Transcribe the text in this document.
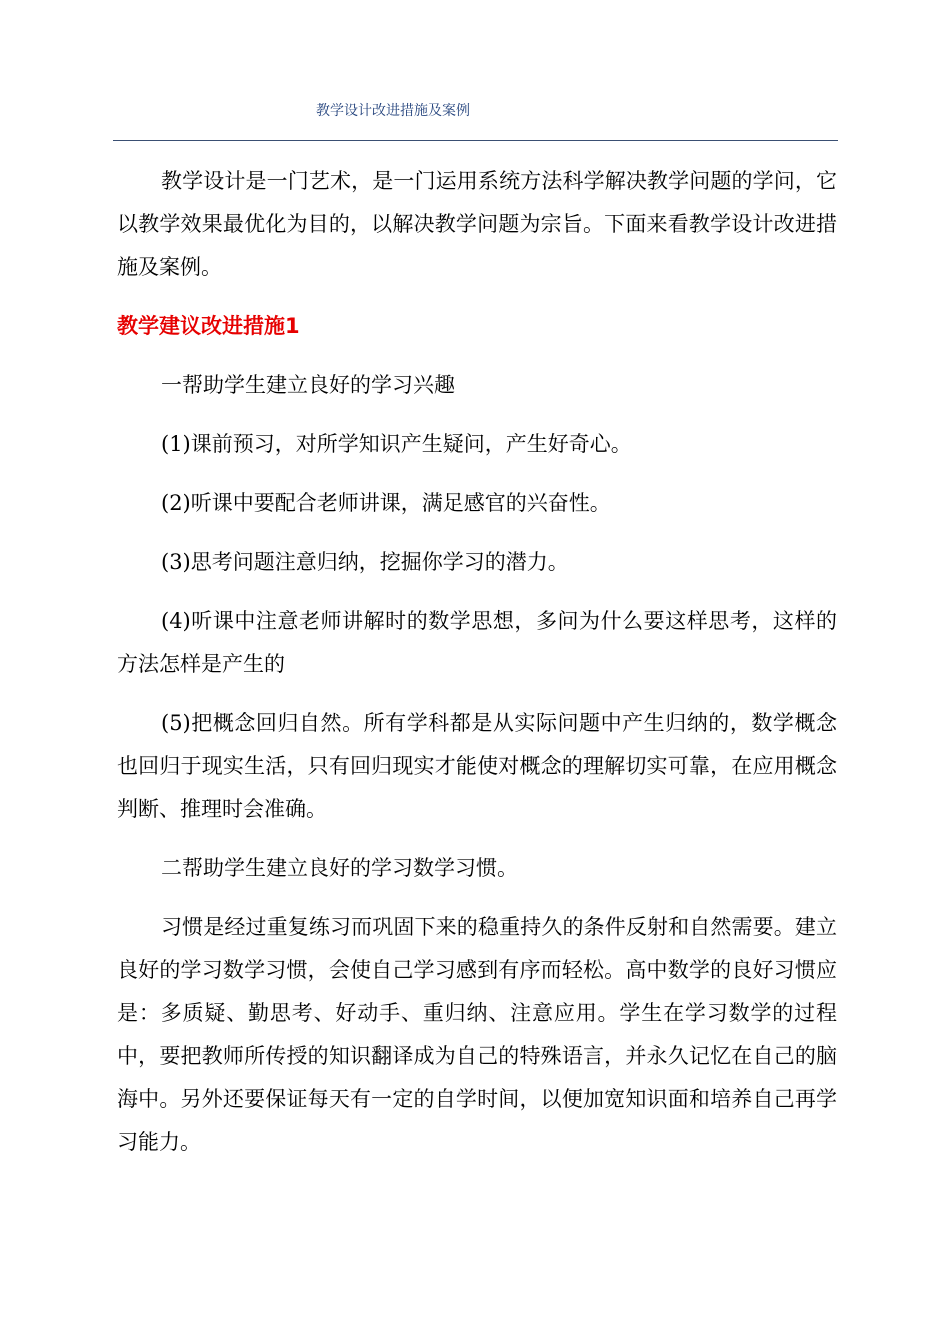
教学设计改进措施及案例

教学设计是一门艺术，是一门运用系统方法科学解决教学问题的学问，它以教学效果最优化为目的，以解决教学问题为宗旨。下面来看教学设计改进措施及案例。

教学建议改进措施1

一帮助学生建立良好的学习兴趣

(1)课前预习，对所学知识产生疑问，产生好奇心。

(2)听课中要配合老师讲课，满足感官的兴奋性。

(3)思考问题注意归纳，挖掘你学习的潜力。

(4)听课中注意老师讲解时的数学思想，多问为什么要这样思考，这样的方法怎样是产生的

(5)把概念回归自然。所有学科都是从实际问题中产生归纳的，数学概念也回归于现实生活，只有回归现实才能使对概念的理解切实可靠，在应用概念判断、推理时会准确。

二帮助学生建立良好的学习数学习惯。

习惯是经过重复练习而巩固下来的稳重持久的条件反射和自然需要。建立良好的学习数学习惯，会使自己学习感到有序而轻松。高中数学的良好习惯应是：多质疑、勤思考、好动手、重归纳、注意应用。学生在学习数学的过程中，要把教师所传授的知识翻译成为自己的特殊语言，并永久记忆在自己的脑海中。另外还要保证每天有一定的自学时间，以便加宽知识面和培养自己再学习能力。
